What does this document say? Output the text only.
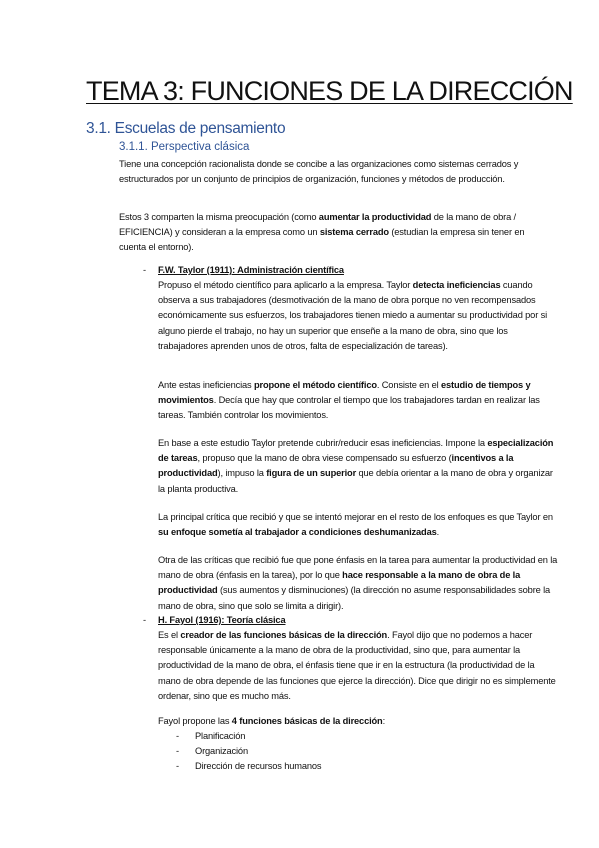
TEMA 3: FUNCIONES DE LA DIRECCIÓN
3.1. Escuelas de pensamiento
3.1.1. Perspectiva clásica
Tiene una concepción racionalista donde se concibe a las organizaciones como sistemas cerrados y estructurados por un conjunto de principios de organización, funciones y métodos de producción.
Estos 3 comparten la misma preocupación (como aumentar la productividad de la mano de obra / EFICIENCIA) y consideran a la empresa como un sistema cerrado (estudian la empresa sin tener en cuenta el entorno).
- F.W. Taylor (1911): Administración científica
Propuso el método científico para aplicarlo a la empresa. Taylor detecta ineficiencias cuando observa a sus trabajadores (desmotivación de la mano de obra porque no ven recompensados económicamente sus esfuerzos, los trabajadores tienen miedo a aumentar su productividad por si alguno pierde el trabajo, no hay un superior que enseñe a la mano de obra, sino que los trabajadores aprenden unos de otros, falta de especialización de tareas).
Ante estas ineficiencias propone el método científico. Consiste en el estudio de tiempos y movimientos. Decía que hay que controlar el tiempo que los trabajadores tardan en realizar las tareas. También controlar los movimientos.
En base a este estudio Taylor pretende cubrir/reducir esas ineficiencias. Impone la especialización de tareas, propuso que la mano de obra viese compensado su esfuerzo (incentivos a la productividad), impuso la figura de un superior que debía orientar a la mano de obra y organizar la planta productiva.
La principal crítica que recibió y que se intentó mejorar en el resto de los enfoques es que Taylor en su enfoque sometía al trabajador a condiciones deshumanizadas.
Otra de las críticas que recibió fue que pone énfasis en la tarea para aumentar la productividad en la mano de obra (énfasis en la tarea), por lo que hace responsable a la mano de obra de la productividad (sus aumentos y disminuciones) (la dirección no asume responsabilidades sobre la mano de obra, sino que solo se limita a dirigir).
- H. Fayol (1916): Teoría clásica
Es el creador de las funciones básicas de la dirección. Fayol dijo que no podemos a hacer responsable únicamente a la mano de obra de la productividad, sino que, para aumentar la productividad de la mano de obra, el énfasis tiene que ir en la estructura (la productividad de la mano de obra depende de las funciones que ejerce la dirección). Dice que dirigir no es simplemente ordenar, sino que es mucho más.
Fayol propone las 4 funciones básicas de la dirección:
- Planificación
- Organización
- Dirección de recursos humanos
